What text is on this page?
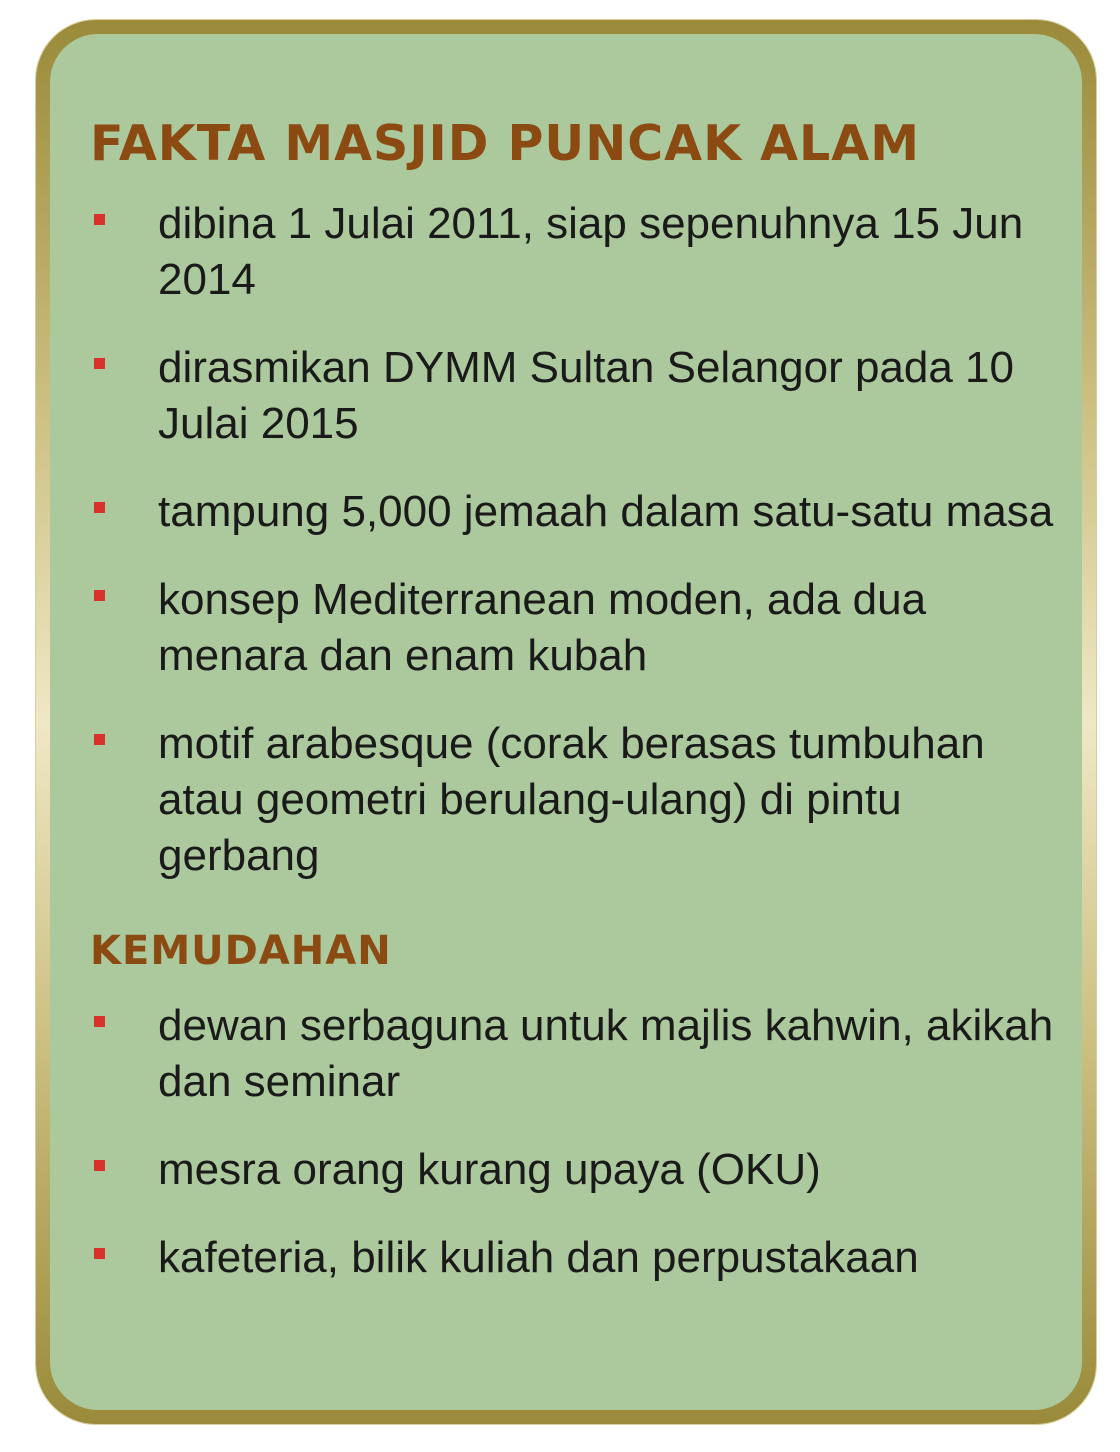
FAKTA MASJID PUNCAK ALAM
dibina 1 Julai 2011, siap sepenuhnya 15 Jun 2014
dirasmikan DYMM Sultan Selangor pada 10 Julai 2015
tampung 5,000 jemaah dalam satu-satu masa
konsep Mediterranean moden, ada dua menara dan enam kubah
motif arabesque (corak berasas tumbuhan atau geometri berulang-ulang) di pintu gerbang
KEMUDAHAN
dewan serbaguna untuk majlis kahwin, akikah dan seminar
mesra orang kurang upaya (OKU)
kafeteria, bilik kuliah dan perpustakaan
